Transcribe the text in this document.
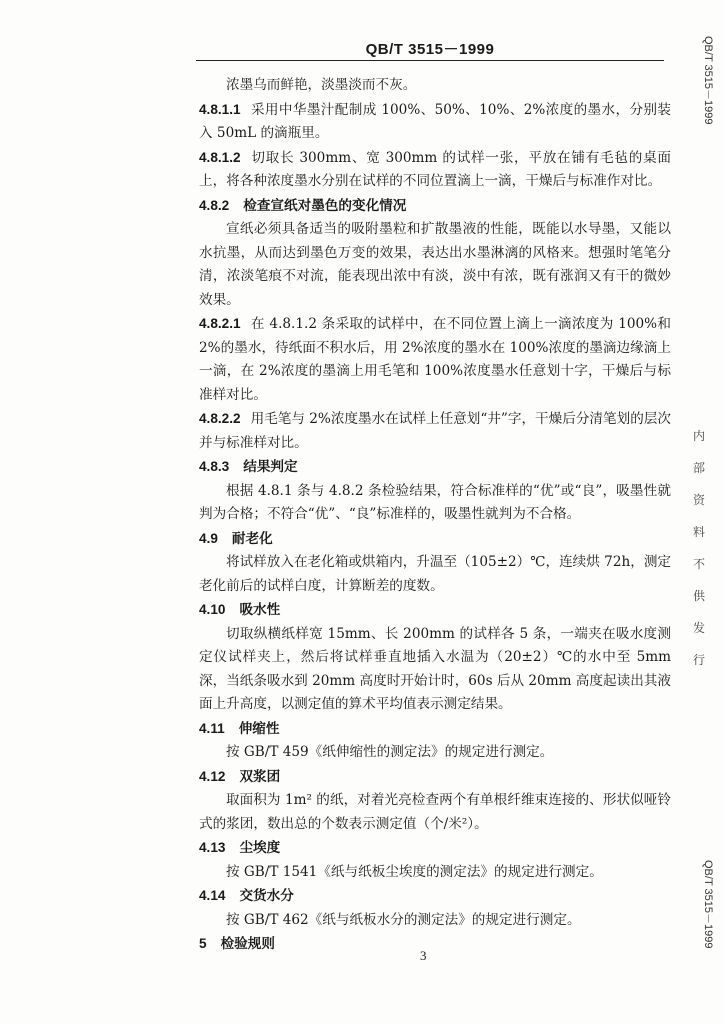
QB/T 3515－1999

浓墨乌而鲜艳，淡墨淡而不灰。

4.8.1.1 采用中华墨汁配制成 100%、50%、10%、2%浓度的墨水，分别装入 50mL 的滴瓶里。

4.8.1.2 切取长 300mm、宽 300mm 的试样一张，平放在铺有毛毡的桌面上，将各种浓度墨水分别在试样的不同位置滴上一滴，干燥后与标准作对比。

4.8.2 检查宣纸对墨色的变化情况

宣纸必须具备适当的吸附墨粒和扩散墨液的性能，既能以水导墨，又能以水抗墨，从而达到墨色万变的效果，表达出水墨淋漓的风格来。想强时笔笔分清，浓淡笔痕不对流，能表现出浓中有淡，淡中有浓，既有涨润又有干的微妙效果。

4.8.2.1 在 4.8.1.2 条采取的试样中，在不同位置上滴上一滴浓度为 100%和 2%的墨水，待纸面不积水后，用 2%浓度的墨水在 100%浓度的墨滴边缘滴上一滴，在 2%浓度的墨滴上用毛笔和 100%浓度墨水任意划十字，干燥后与标准样对比。

4.8.2.2 用毛笔与 2%浓度墨水在试样上任意划“井”字，干燥后分清笔划的层次并与标准样对比。

4.8.3 结果判定

根据 4.8.1 条与 4.8.2 条检验结果，符合标准样的“优”或“良”，吸墨性就判为合格；不符合“优”、“良”标准样的，吸墨性就判为不合格。

4.9 耐老化

将试样放入在老化箱或烘箱内，升温至（105±2）℃，连续烘 72h，测定老化前后的试样白度，计算断差的度数。

4.10 吸水性

切取纵横纸样宽 15mm、长 200mm 的试样各 5 条，一端夹在吸水度测定仪试样夹上，然后将试样垂直地插入水温为（20±2）℃的水中至 5mm 深，当纸条吸水到 20mm 高度时开始计时，60s 后从 20mm 高度起读出其液面上升高度，以测定值的算术平均值表示测定结果。

4.11 伸缩性

按 GB/T 459《纸伸缩性的测定法》的规定进行测定。

4.12 双浆团

取面积为 1m² 的纸，对着光亮检查两个有单根纤维束连接的、形状似哑铃式的浆团，数出总的个数表示测定值（个/米²）。

4.13 尘埃度

按 GB/T 1541《纸与纸板尘埃度的测定法》的规定进行测定。

4.14 交货水分

按 GB/T 462《纸与纸板水分的测定法》的规定进行测定。

5 检验规则

3
QB/T 3515－1999
QB/T 3515－1999
内
部
资
料
不
供
发
行
